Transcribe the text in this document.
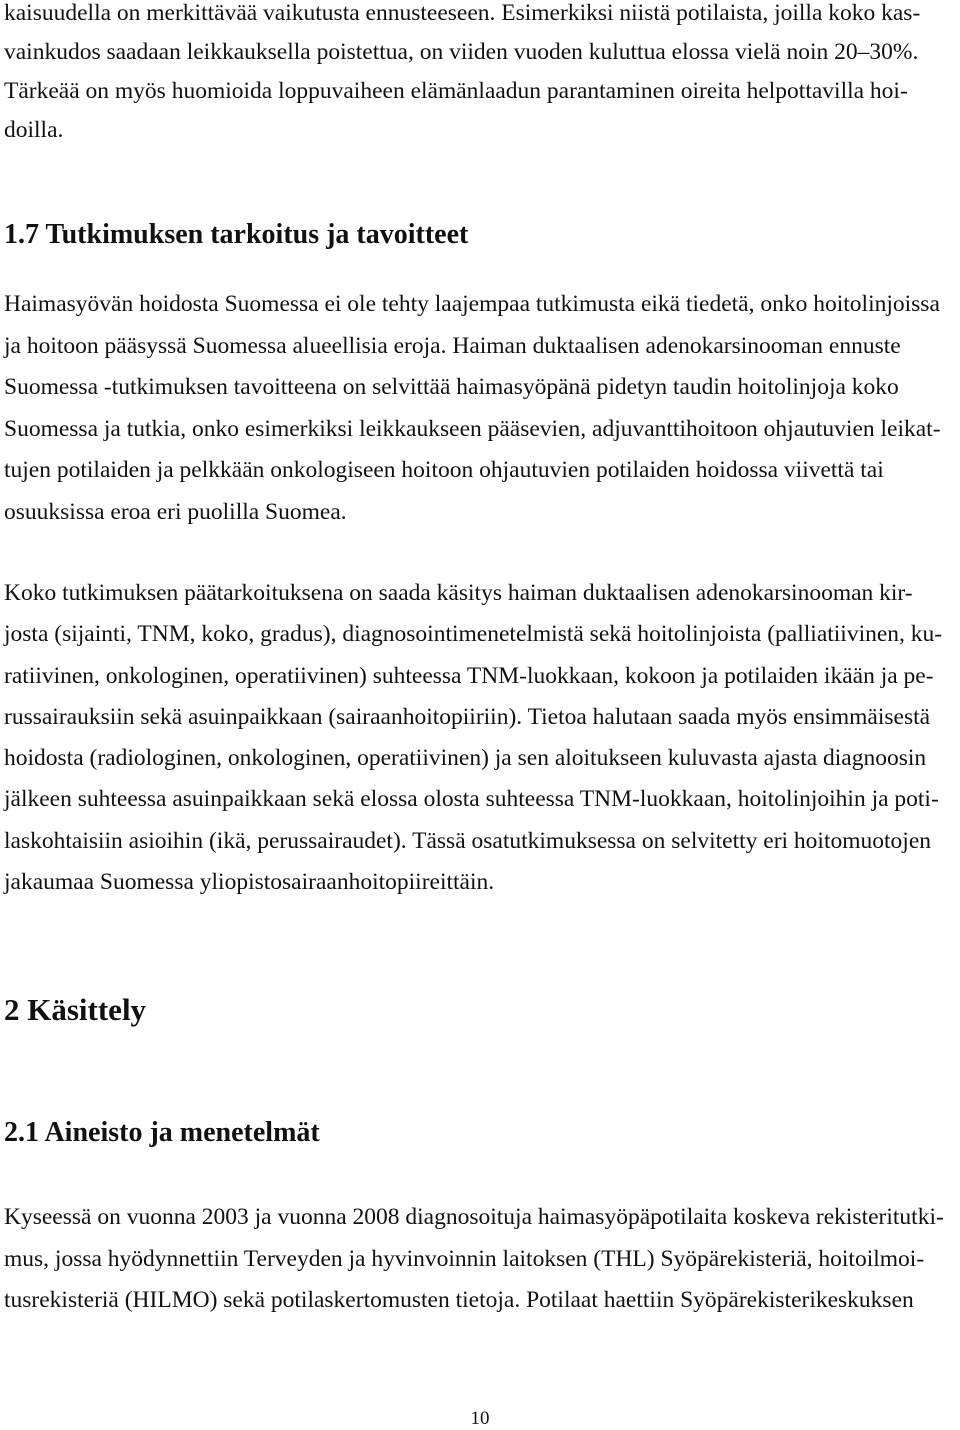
kaisuudella on merkittävää vaikutusta ennusteeseen. Esimerkiksi niistä potilaista, joilla koko kas-
vainkudos saadaan leikkauksella poistettua, on viiden vuoden kuluttua elossa vielä noin 20–30%.
Tärkeää on myös huomioida loppuvaiheen elämänlaadun parantaminen oireita helpottavilla hoi-
doilla.
1.7 Tutkimuksen tarkoitus ja tavoitteet
Haimasyövän hoidosta Suomessa ei ole tehty laajempaa tutkimusta eikä tiedetä, onko hoitolinjoissa
ja hoitoon pääsyssä Suomessa alueellisia eroja. Haiman duktaalisen adenokarsinooman ennuste
Suomessa -tutkimuksen tavoitteena on selvittää haimasyöpänä pidetyn taudin hoitolinjoja koko
Suomessa ja tutkia, onko esimerkiksi leikkaukseen pääsevien, adjuvanttihoitoon ohjautuvien leikat-
tujen potilaiden ja pelkkään onkologiseen hoitoon ohjautuvien potilaiden hoidossa viivettä tai
osuuksissa eroa eri puolilla Suomea.
Koko tutkimuksen päätarkoituksena on saada käsitys haiman duktaalisen adenokarsinooman kir-
josta (sijainti, TNM, koko, gradus), diagnosointimenetelmistä sekä hoitolinjoista (palliatiivinen, ku-
ratiivinen, onkologinen, operatiivinen) suhteessa TNM-luokkaan, kokoon ja potilaiden ikään ja pe-
russairauksiin sekä asuinpaikkaan (sairaanhoitopiiriin). Tietoa halutaan saada myös ensimmäisestä
hoidosta (radiologinen, onkologinen, operatiivinen) ja sen aloitukseen kuluvasta ajasta diagnoosin
jälkeen suhteessa asuinpaikkaan sekä elossa olosta suhteessa TNM-luokkaan, hoitolinjoihin ja poti-
laskohtaisiin asioihin (ikä, perussairaudet). Tässä osatutkimuksessa on selvitetty eri hoitomuotojen
jakaumaa Suomessa yliopistosairaanhoitopiireittäin.
2 Käsittely
2.1 Aineisto ja menetelmät
Kyseessä on vuonna 2003 ja vuonna 2008 diagnosoituja haimasyöpäpotilaita koskeva rekisteritutki-
mus, jossa hyödynnettiin Terveyden ja hyvinvoinnin laitoksen (THL) Syöpärekisteriä, hoitoilmoi-
tusrekisteriä (HILMO) sekä potilaskertomusten tietoja. Potilaat haettiin Syöpärekisterikeskuksen
10
